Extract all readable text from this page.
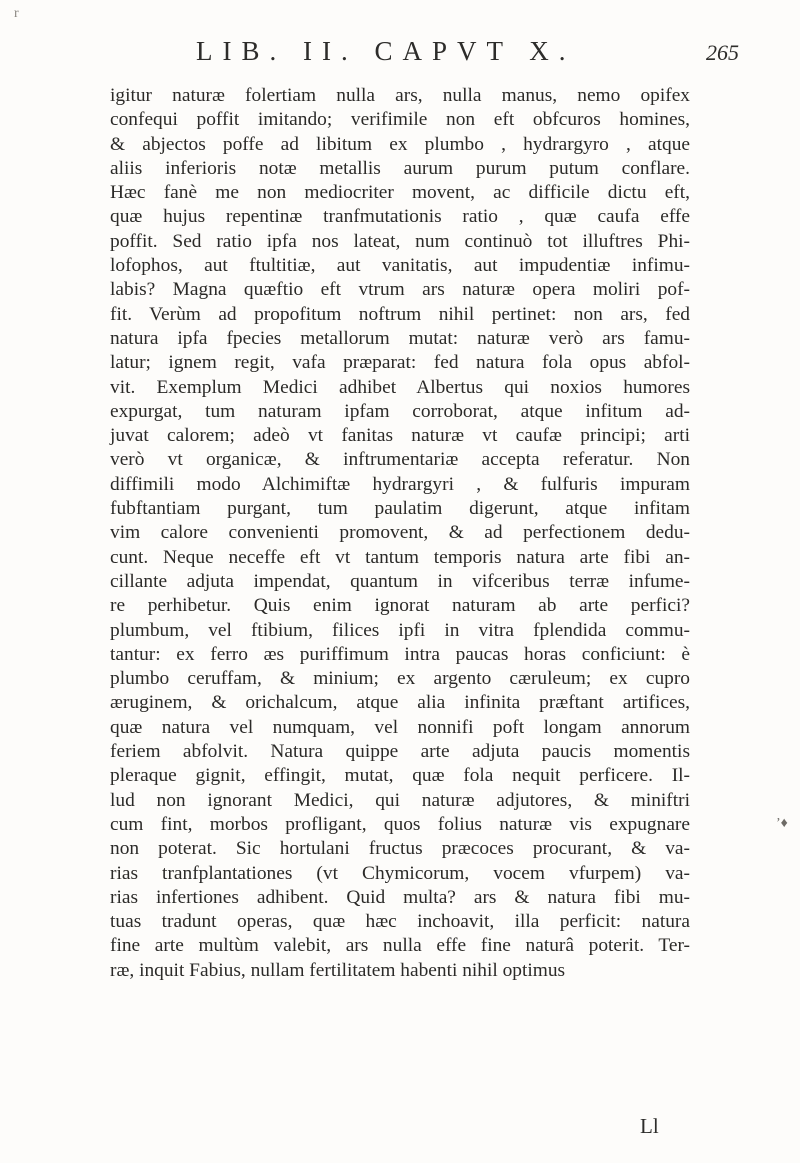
r
LIB. II. CAPVT X.	265
igitur naturæ folertiam nulla ars, nulla manus, nemo opifex
confequi poffit imitando; verifimile non eft obfcuros homines,
& abjectos poffe ad libitum ex plumbo , hydrargyro , atque
aliis inferioris notæ metallis aurum purum putum conflare.
Hæc fanè me non mediocriter movent, ac difficile dictu eft,
quæ hujus repentinæ tranfmutationis ratio , quæ caufa effe
poffit. Sed ratio ipfa nos lateat, num continuò tot illuftres Phi-
lofophos, aut ftultitiæ, aut vanitatis, aut impudentiæ infimu-
labis? Magna quæftio eft vtrum ars naturæ opera moliri pof-
fit. Verùm ad propofitum noftrum nihil pertinet: non ars, fed
natura ipfa fpecies metallorum mutat: naturæ verò ars famu-
latur; ignem regit, vafa præparat: fed natura fola opus abfol-
vit. Exemplum Medici adhibet Albertus qui noxios humores
expurgat, tum naturam ipfam corroborat, atque infitum ad-
juvat calorem; adeò vt fanitas naturæ vt caufæ principi; arti
verò vt organicæ, & inftrumentariæ accepta referatur. Non
diffimili modo Alchimiftæ hydrargyri , & fulfuris impuram
fubftantiam purgant, tum paulatim digerunt, atque infitam
vim calore convenienti promovent, & ad perfectionem dedu-
cunt. Neque neceffe eft vt tantum temporis natura arte fibi an-
cillante adjuta impendat, quantum in vifceribus terræ infume-
re perhibetur. Quis enim ignorat naturam ab arte perfici?
plumbum, vel ftibium, filices ipfi in vitra fplendida commu-
tantur: ex ferro æs puriffimum intra paucas horas conficiunt: è
plumbo ceruffam, & minium; ex argento cæruleum; ex cupro
æruginem, & orichalcum, atque alia infinita præftant artifices,
quæ natura vel numquam, vel nonnifi poft longam annorum
feriem abfolvit. Natura quippe arte adjuta paucis momentis
pleraque gignit, effingit, mutat, quæ fola nequit perficere. Il-
lud non ignorant Medici, qui naturæ adjutores, & miniftri
cum fint, morbos profligant, quos folius naturæ vis expugnare
non poterat. Sic hortulani fructus præcoces procurant, & va-
rias tranfplantationes (vt Chymicorum, vocem vfurpem) va-
rias infertiones adhibent. Quid multa? ars & natura fibi mu-
tuas tradunt operas, quæ hæc inchoavit, illa perficit: natura
fine arte multùm valebit, ars nulla effe fine naturâ poterit. Ter-
ræ, inquit Fabius, nullam fertilitatem habenti nihil optimus
’♦
Ll
